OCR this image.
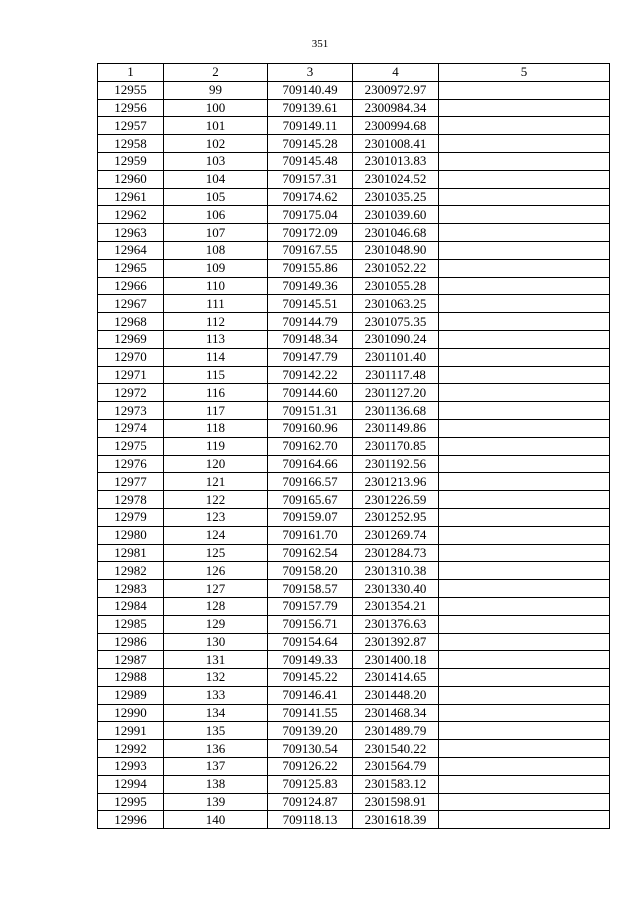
351
1	2	3	4	5
12955	99	709140.49	2300972.97	
12956	100	709139.61	2300984.34	
12957	101	709149.11	2300994.68	
12958	102	709145.28	2301008.41	
12959	103	709145.48	2301013.83	
12960	104	709157.31	2301024.52	
12961	105	709174.62	2301035.25	
12962	106	709175.04	2301039.60	
12963	107	709172.09	2301046.68	
12964	108	709167.55	2301048.90	
12965	109	709155.86	2301052.22	
12966	110	709149.36	2301055.28	
12967	111	709145.51	2301063.25	
12968	112	709144.79	2301075.35	
12969	113	709148.34	2301090.24	
12970	114	709147.79	2301101.40	
12971	115	709142.22	2301117.48	
12972	116	709144.60	2301127.20	
12973	117	709151.31	2301136.68	
12974	118	709160.96	2301149.86	
12975	119	709162.70	2301170.85	
12976	120	709164.66	2301192.56	
12977	121	709166.57	2301213.96	
12978	122	709165.67	2301226.59	
12979	123	709159.07	2301252.95	
12980	124	709161.70	2301269.74	
12981	125	709162.54	2301284.73	
12982	126	709158.20	2301310.38	
12983	127	709158.57	2301330.40	
12984	128	709157.79	2301354.21	
12985	129	709156.71	2301376.63	
12986	130	709154.64	2301392.87	
12987	131	709149.33	2301400.18	
12988	132	709145.22	2301414.65	
12989	133	709146.41	2301448.20	
12990	134	709141.55	2301468.34	
12991	135	709139.20	2301489.79	
12992	136	709130.54	2301540.22	
12993	137	709126.22	2301564.79	
12994	138	709125.83	2301583.12	
12995	139	709124.87	2301598.91	
12996	140	709118.13	2301618.39	
